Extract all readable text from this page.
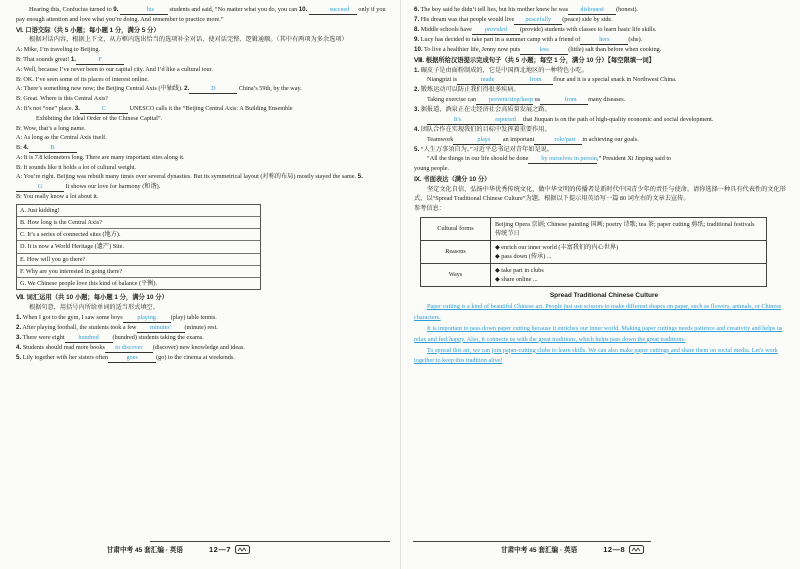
Hearing this, Confucius turned to 9.	his students and said, “No matter what you do, you can 10.	succeed only if you pay enough attention and love what you’re doing. And remember to practice more.”

Ⅵ. 口语交际（共 5 小题；每小题 1 分，满分 5 分）

根据对话内容，根据上下文，从方框内选出恰当的选项补全对话，使对话完整、逻辑通顺。（其中有两项为多余选项）

A: Mike, I’m traveling to Beijing.

B: That sounds great! 1.	F

A: Well, because I’ve never been to our capital city. And I’d like a cultural tour.

B: OK. I’ve seen some of its places of interest online.

A: There’s something new now; the Beijing Central Axis (中轴线). 2.	D	China’s 59th, by the way.

B: Great. Where is this Central Axis?

A: It’s not “one” place. 3.	C	UNESCO calls it the “Beijing Central Axis: A Building Ensemble

Exhibiting the Ideal Order of the Chinese Capital”.

B: Wow, that’s a long name.

A: As long as the Central Axis itself.

B: 4.	B

A: It is 7.8 kilometers long. There are many important sites along it.

B: It sounds like it holds a lot of cultural weight.

A: You’re right. Beijing was rebuilt many times over several dynasties. But its symmetrical layout (对称的布局) mostly stayed the same. 5.G	It shows our love for harmony (和谐).

B: You really know a lot about it.

A. Just kidding!
B. How long is the Central Axis?
C. It’s a series of connected sites (地方).
D. It is now a World Heritage (遗产) Site.
E. How will you go there?
F. Why are you interested in going there?
G. We Chinese people love this kind of balance (平衡).

Ⅶ. 词汇运用（共 10 小题；每小题 1 分，满分 10 分）

根据句意，用括号内所给单词的适当形式填空。

1. When I got to the gym, I saw some boys playing (play) table tennis.

2. After playing football, the students took a few minutes' (minute) rest.

3. There were eight hundred (hundred) students taking the exams.

4. Students should read more books to discover (discover) new knowledge and ideas.

5. Lily together with her sisters often	goes	(go) to the cinema at weekends.

甘肃中考 45 套汇编 · 英语	12—7

6. The boy said he didn’t tell lies, but his mother knew he was dishonest (honest).

7. His dream was that people would live peacefully (peace) side by side.

8. Middle schools have provided (provide) students with classes to learn basic life skills.

9. Lucy has decided to take part in a summer camp with a friend of	hers	(she).

10. To live a healthier life, Jenny now puts	less	(little) salt than before when cooking.

Ⅷ. 根据所给汉语提示完成句子（共 5 小题；每空 1 分，满分 10 分）【每空限填一词】

1. 碾皮子是由面粉制成的，它是中国西北地区的一种特色小吃。

Niangpizi is	made	from flour and it is a special snack in Northwest China.

2. 锻炼运动可以防止我们得很多疾病。

Taking exercise can prevent/stop/keep us	from many diseases.

3. 据报道，酒泉正在走经济社会高质量发展之路。

It's	reported that Jiuquan is on the path of high-quality economic and social development.

4. 团队合作在实现我们的目标中发挥着重要作用。

Teamwork	plays an important	role/part in achieving our goals.

5. “人生万事須自为。”习近平总书记对青年如是说。

“All the things in our life should be done by ourselves in person,” President Xi Jinping said to

young people.

Ⅸ. 书面表达（满分 10 分）

坚定文化自信，弘扬中华优秀传统文化，做中华文明的传播者是新时代中国青少年的责任与使命。请你选择一种具有代表性的文化形式，以“Spread Traditional Chinese Culture”为题，根据以下提示用英语写一篇 80 词左右的文章去宣传。

参考信息：

Cultural forms	Beijing Opera 京剧; Chinese painting 国画; poetry 诗歌; tea 茶; paper cutting 剪纸; traditional festivals 传统节日
Reasons	◆ enrich our inner world (丰富我们的内心世界)
◆ pass down (传承) ...

Ways	◆ take part in clubs
◆ share online ...

Spread Traditional Chinese Culture

Paper cutting is a kind of beautiful Chinese art. People just use scissors to make different shapes on paper, such as flowers, animals, or Chinese characters.

It is important to pass down paper cutting because it enriches our inner world. Making paper cuttings needs patience and creativity and helps us relax and feel happy. Also, it connects us with the great traditions, which helps pass down the great traditions.

To spread this art, we can join paper-cutting clubs to learn skills. We can also make paper cuttings and share them on social media. Let's work together to keep this tradition alive!

甘肃中考 45 套汇编 · 英语	12—8
